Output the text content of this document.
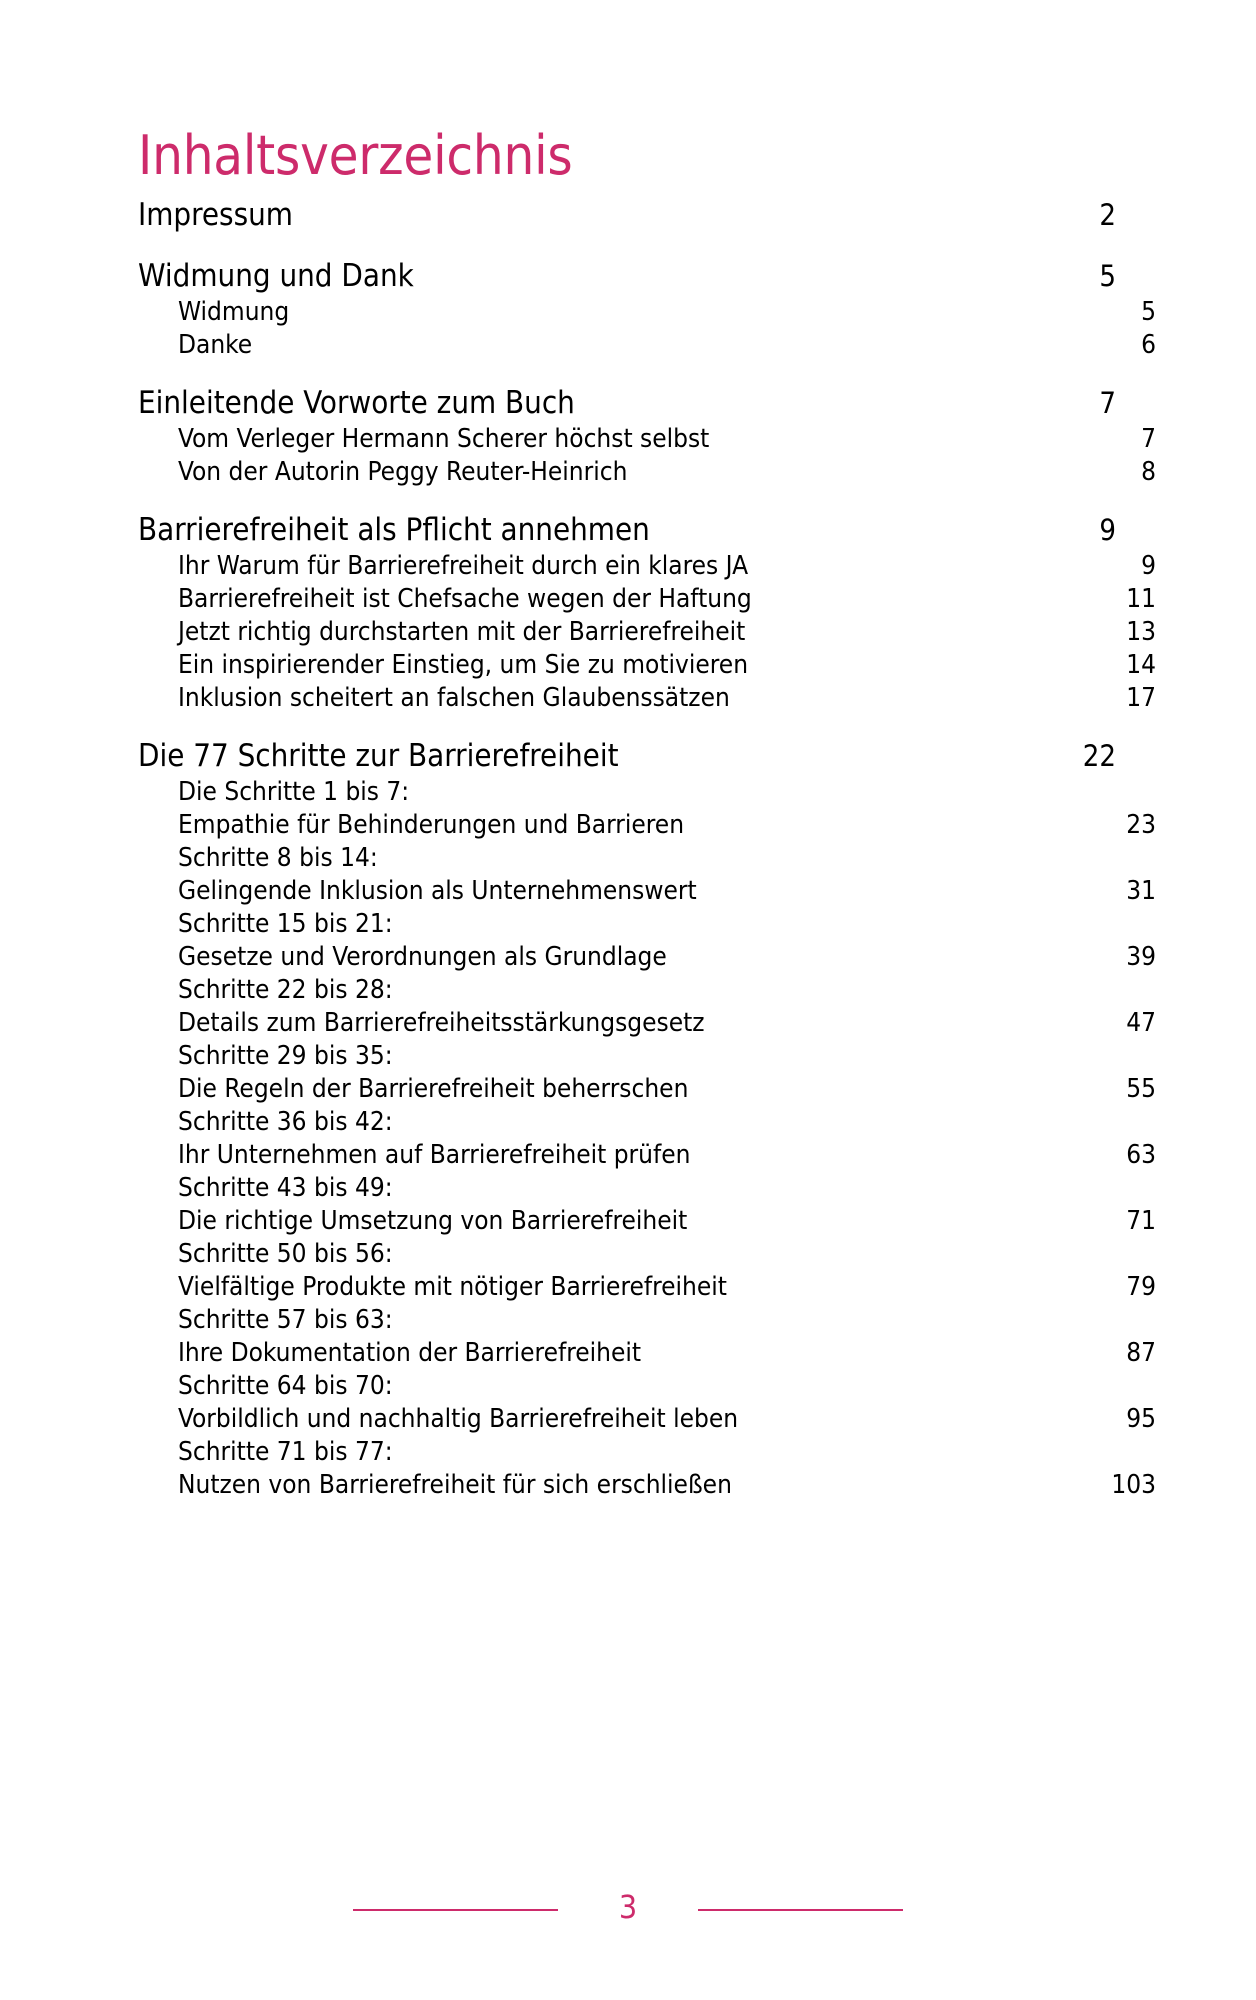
Inhaltsverzeichnis
Impressum	2
Widmung und Dank	5
Widmung	5
Danke	6
Einleitende Vorworte zum Buch	7
Vom Verleger Hermann Scherer höchst selbst	7
Von der Autorin Peggy Reuter-Heinrich	8
Barrierefreiheit als Pflicht annehmen	9
Ihr Warum für Barrierefreiheit durch ein klares JA	9
Barrierefreiheit ist Chefsache wegen der Haftung	11
Jetzt richtig durchstarten mit der Barrierefreiheit	13
Ein inspirierender Einstieg, um Sie zu motivieren	14
Inklusion scheitert an falschen Glaubenssätzen	17
Die 77 Schritte zur Barrierefreiheit	22
Die Schritte 1 bis 7:
Empathie für Behinderungen und Barrieren	23
Schritte 8 bis 14:
Gelingende Inklusion als Unternehmenswert	31
Schritte 15 bis 21:
Gesetze und Verordnungen als Grundlage	39
Schritte 22 bis 28:
Details zum Barrierefreiheitsstärkungsgesetz	47
Schritte 29 bis 35:
Die Regeln der Barrierefreiheit beherrschen	55
Schritte 36 bis 42:
Ihr Unternehmen auf Barrierefreiheit prüfen	63
Schritte 43 bis 49:
Die richtige Umsetzung von Barrierefreiheit	71
Schritte 50 bis 56:
Vielfältige Produkte mit nötiger Barrierefreiheit	79
Schritte 57 bis 63:
Ihre Dokumentation der Barrierefreiheit	87
Schritte 64 bis 70:
Vorbildlich und nachhaltig Barrierefreiheit leben	95
Schritte 71 bis 77:
Nutzen von Barrierefreiheit für sich erschließen	103
3
